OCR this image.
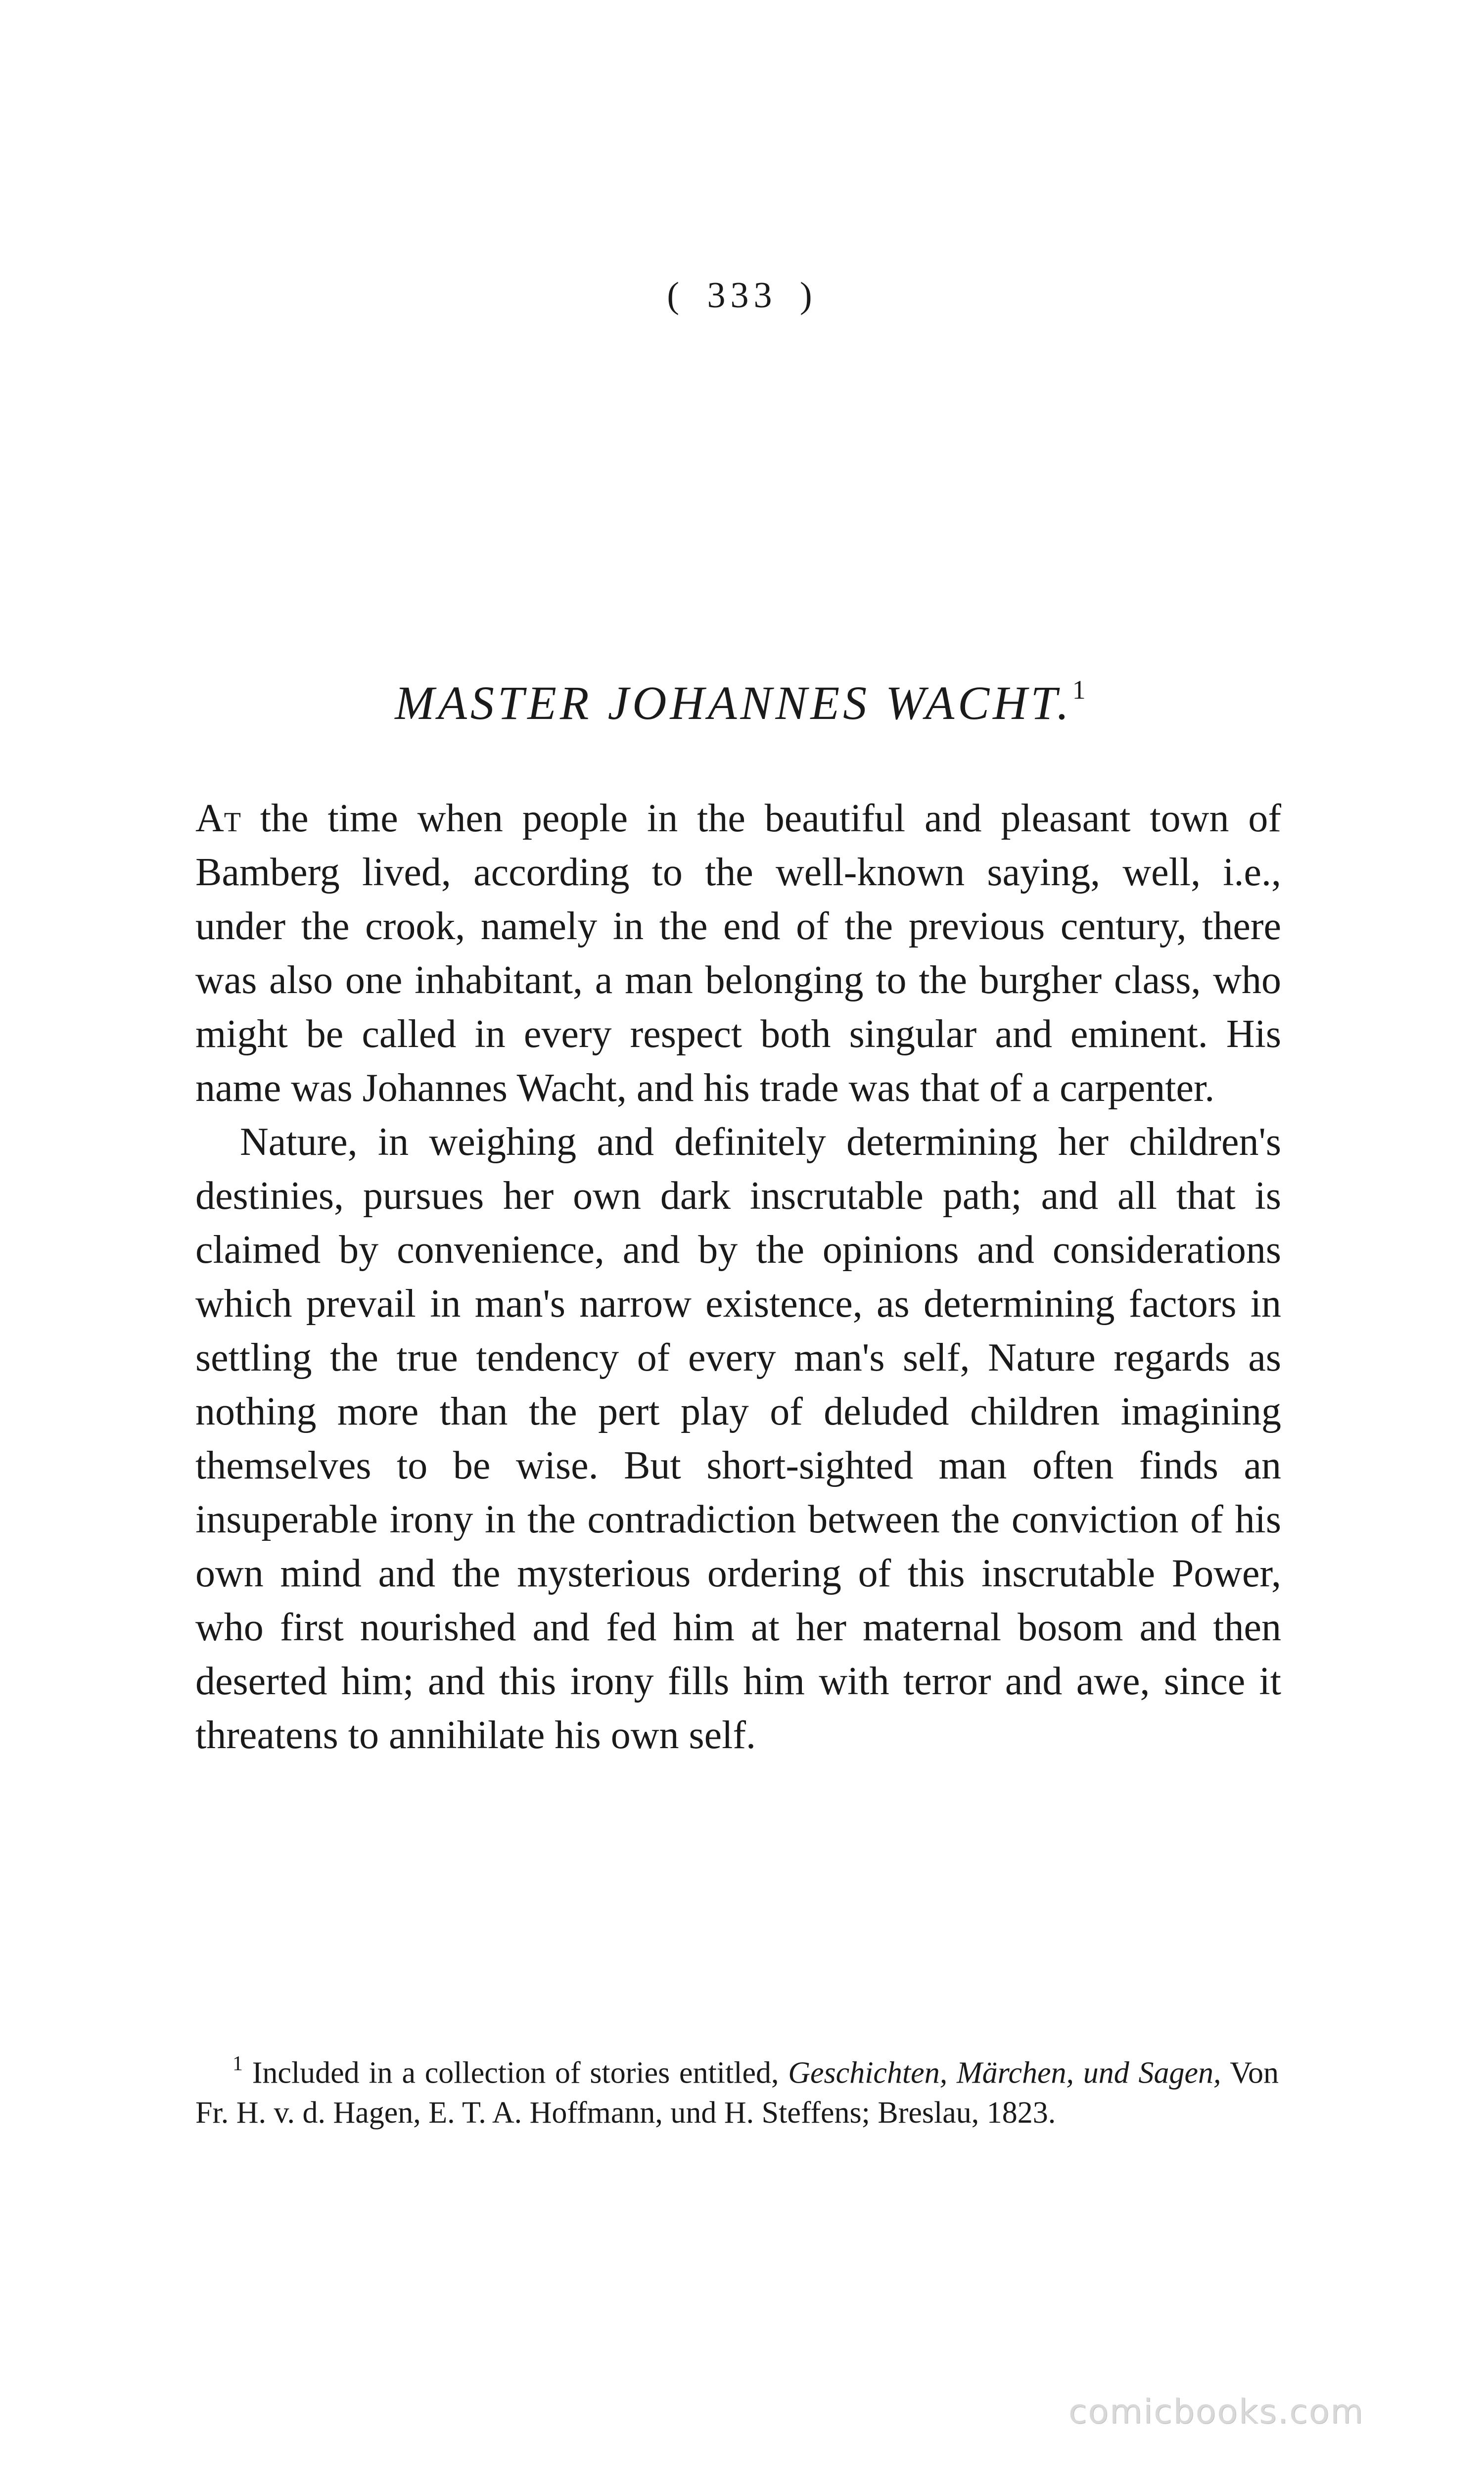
( 333 )
MASTER JOHANNES WACHT.$^1$

At the time when people in the beautiful and pleasant town of Bamberg lived, according to the well-known saying, well, i.e., under the crook, namely in the end of the previous century, there was also one inhabitant, a man belonging to the burgher class, who might be called in every respect both singular and eminent. His name was Johannes Wacht, and his trade was that of a carpenter.

Nature, in weighing and definitely determining her children's destinies, pursues her own dark inscrutable path; and all that is claimed by convenience, and by the opinions and considerations which prevail in man's narrow existence, as determining factors in settling the true tendency of every man's self, Nature regards as nothing more than the pert play of deluded children imagining themselves to be wise. But short-sighted man often finds an insuperable irony in the contradiction between the conviction of his own mind and the mysterious ordering of this inscrutable Power, who first nourished and fed him at her maternal bosom and then deserted him; and this irony fills him with terror and awe, since it threatens to annihilate his own self.

$^1$ Included in a collection of stories entitled, Geschichten, Märchen, und Sagen, Von Fr. H. v. d. Hagen, E. T. A. Hoffmann, und H. Steffens; Breslau, 1823.
comicbooks.com
